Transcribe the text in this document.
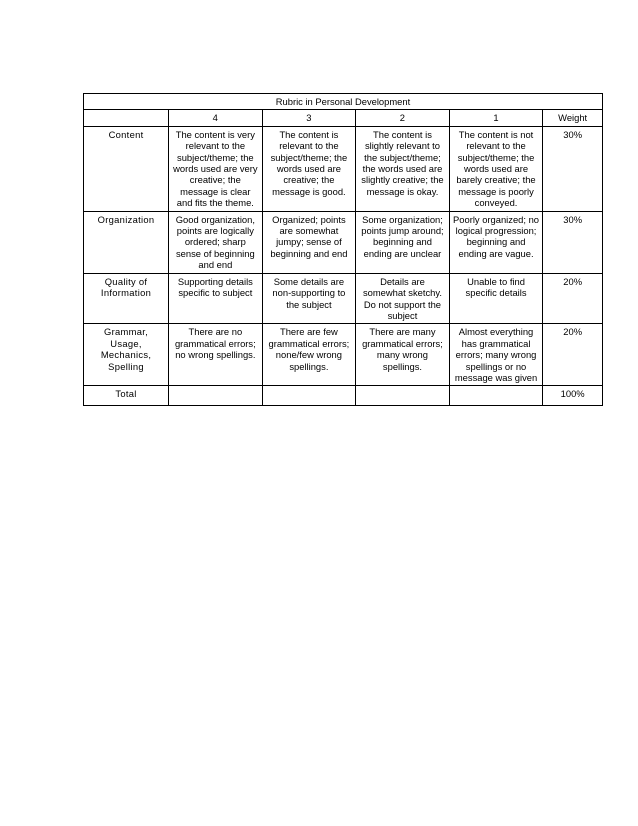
Rubric in Personal Development					
	4	3	2	1	Weight
Content	The content is very relevant to the subject/theme; the words used are very creative; the message is clear and fits the theme.	The content is relevant to the subject/theme; the words used are creative; the message is good.	The content is slightly relevant to the subject/theme; the words used are slightly creative; the message is okay.	The content is not relevant to the subject/theme; the words used are barely creative; the message is poorly conveyed.	30%
Organization	Good organization, points are logically ordered; sharp sense of beginning and end	Organized; points are somewhat jumpy; sense of beginning and end	Some organization; points jump around; beginning and ending are unclear	Poorly organized; no logical progression; beginning and ending are vague.	30%
Quality of Information	Supporting details specific to subject	Some details are non-supporting to the subject	Details are somewhat sketchy. Do not support the subject	Unable to find specific details	20%
Grammar, Usage, Mechanics, Spelling	There are no grammatical errors; no wrong spellings.	There are few grammatical errors; none/few wrong spellings.	There are many grammatical errors; many wrong spellings.	Almost everything has grammatical errors; many wrong spellings or no message was given	20%
Total					100%
